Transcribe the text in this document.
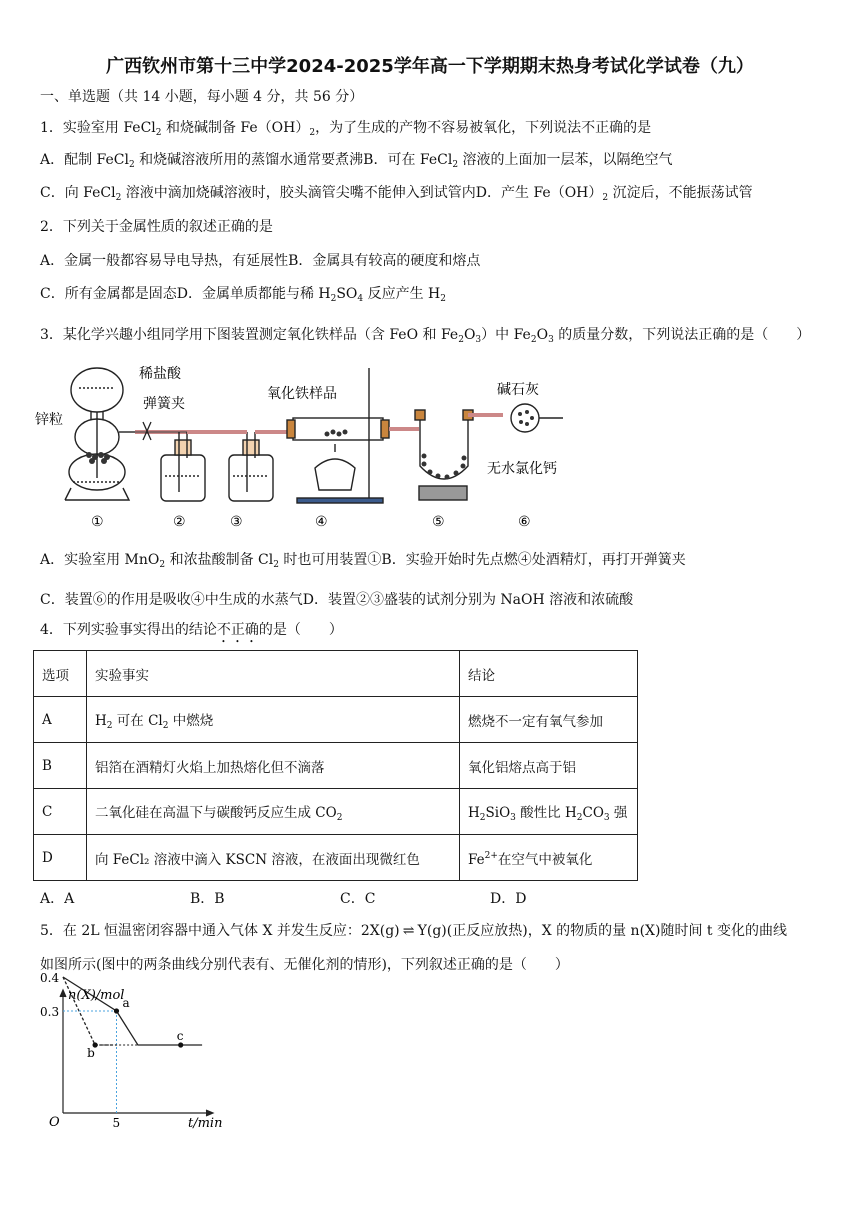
广西钦州市第十三中学2024-2025学年高一下学期期末热身考试化学试卷（九）
一、单选题（共 14 小题，每小题 4 分，共 56 分）
1．实验室用 FeCl$_2$ 和烧碱制备 $Fe(OH)_2$，为了生成的产物不容易被氧化，下列说法不正确的是
A．配制 FeCl$_2$ 和烧碱溶液所用的蒸馏水通常要煮沸B．可在 FeCl$_2$ 溶液的上面加一层苯，以隔绝空气
C．向 FeCl$_2$ 溶液中滴加烧碱溶液时，胶头滴管尖嘴不能伸入到试管内D．产生 $Fe(OH)_2$ 沉淀后，不能振荡试管
2．下列关于金属性质的叙述正确的是
A．金属一般都容易导电导热，有延展性B．金属具有较高的硬度和熔点
C．所有金属都是固态D．金属单质都能与稀 $H_2SO_4$ 反应产生 $H_2$
3．某化学兴趣小组同学用下图装置测定氧化铁样品（含 FeO 和 $Fe_2O_3$）中 $Fe_2O_3$ 的质量分数，下列说法正确的是（　　）
稀盐酸
锌粒
弹簧夹
氧化铁样品	碱石灰
无水氯化钙
①	②	③	④	⑤	⑥
A．实验室用 MnO$_2$ 和浓盐酸制备 $Cl_2$ 时也可用装置①B．实验开始时先点燃④处酒精灯，再打开弹簧夹
C．装置⑥的作用是吸收④中生成的水蒸气D．装置②③盛装的试剂分别为 NaOH 溶液和浓硫酸
4．下列实验事实得出的结论不正确的是（　　）
选项	实验事实	结论
A	$H_2$ 可在 $Cl_2$ 中燃烧	燃烧不一定有氧气参加
B	铝箔在酒精灯火焰上加热熔化但不滴落	氧化铝熔点高于铝
C	二氧化硅在高温下与碳酸钙反应生成 $CO_2$	$H_2SiO_3$ 酸性比 $H_2CO_3$ 强
D	向 FeCl₂ 溶液中滴入 KSCN 溶液，在液面出现微红色	$Fe^{2+}$在空气中被氧化
A．A	B．B	C．C	D．D
5．在 2L 恒温密闭容器中通入气体 X 并发生反应：2X(g) ⇌ Y(g)(正反应放热)，X 的物质的量 n(X)随时间 t 变化的曲线
如图所示(图中的两条曲线分别代表有、无催化剂的情形)，下列叙述正确的是（　　）
a
b
c
n(X)/mol
t/min
O
0.4
0.3
5
